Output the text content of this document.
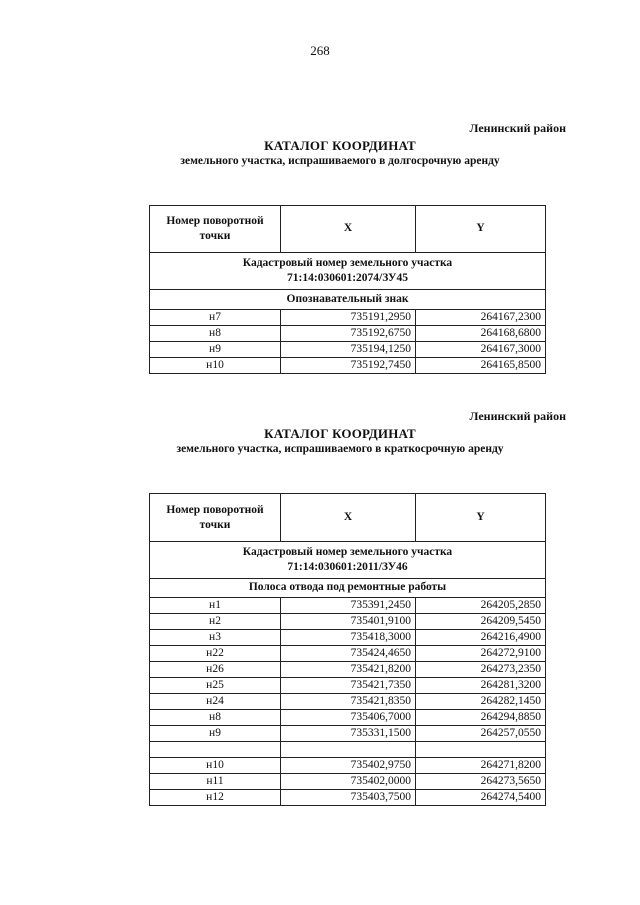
268
Ленинский район
КАТАЛОГ КООРДИНАТ
земельного участка, испрашиваемого в долгосрочную аренду
Номер поворотной точки	X	Y

Кадастровый номер земельного участка
71:14:030601:2074/ЗУ45		

Опознавательный знак		
н7	735191,2950	264167,2300
н8	735192,6750	264168,6800
н9	735194,1250	264167,3000
н10	735192,7450	264165,8500
Ленинский район
КАТАЛОГ КООРДИНАТ
земельного участка, испрашиваемого в краткосрочную аренду
Номер поворотной точки	X	Y

Кадастровый номер земельного участка
71:14:030601:2011/ЗУ46		

Полоса отвода под ремонтные работы		
н1	735391,2450	264205,2850
н2	735401,9100	264209,5450
н3	735418,3000	264216,4900
н22	735424,4650	264272,9100
н26	735421,8200	264273,2350
н25	735421,7350	264281,3200
н24	735421,8350	264282,1450
н8	735406,7000	264294,8850
н9	735331,1500	264257,0550

н10	735402,9750	264271,8200
н11	735402,0000	264273,5650
н12	735403,7500	264274,5400
